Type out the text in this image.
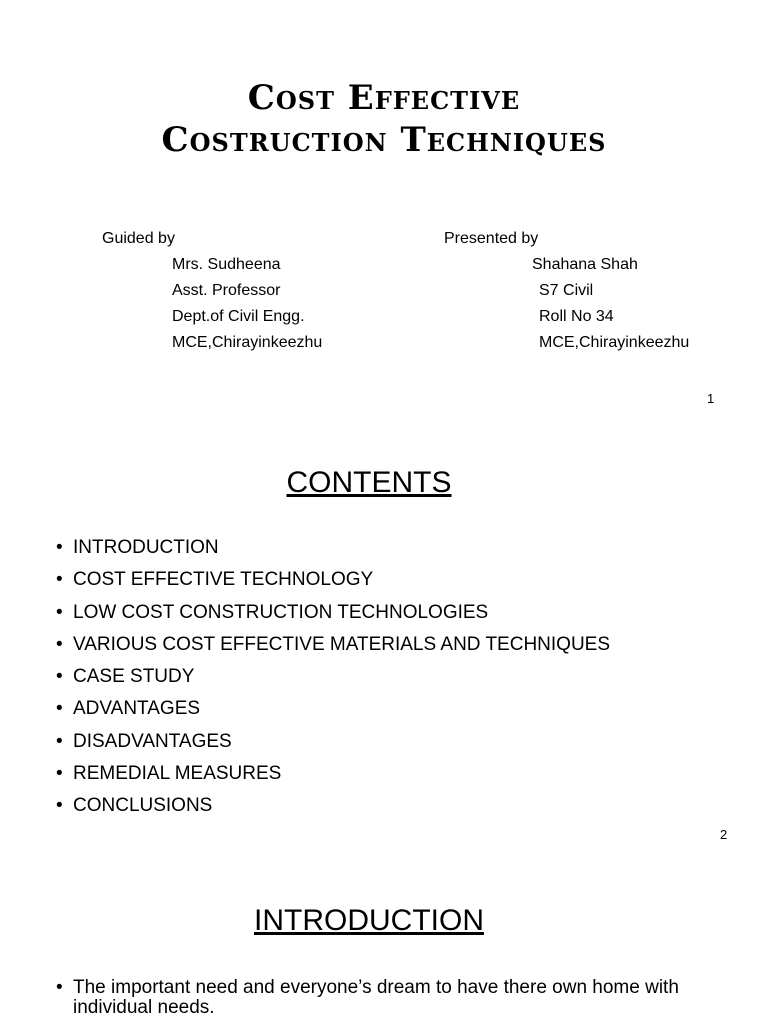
Cost Effective
Costruction Techniques
Guided by
Mrs. Sudheena
Asst. Professor
Dept.of Civil Engg.
MCE,Chirayinkeezhu
Presented by
Shahana Shah
S7 Civil
Roll No 34
MCE,Chirayinkeezhu
1
CONTENTS
• INTRODUCTION
• COST EFFECTIVE TECHNOLOGY
• LOW COST CONSTRUCTION TECHNOLOGIES
• VARIOUS COST EFFECTIVE MATERIALS AND TECHNIQUES
• CASE STUDY
• ADVANTAGES
• DISADVANTAGES
• REMEDIAL MEASURES
• CONCLUSIONS
2
INTRODUCTION
• The important need and everyone’s dream to have there own home with individual needs.
